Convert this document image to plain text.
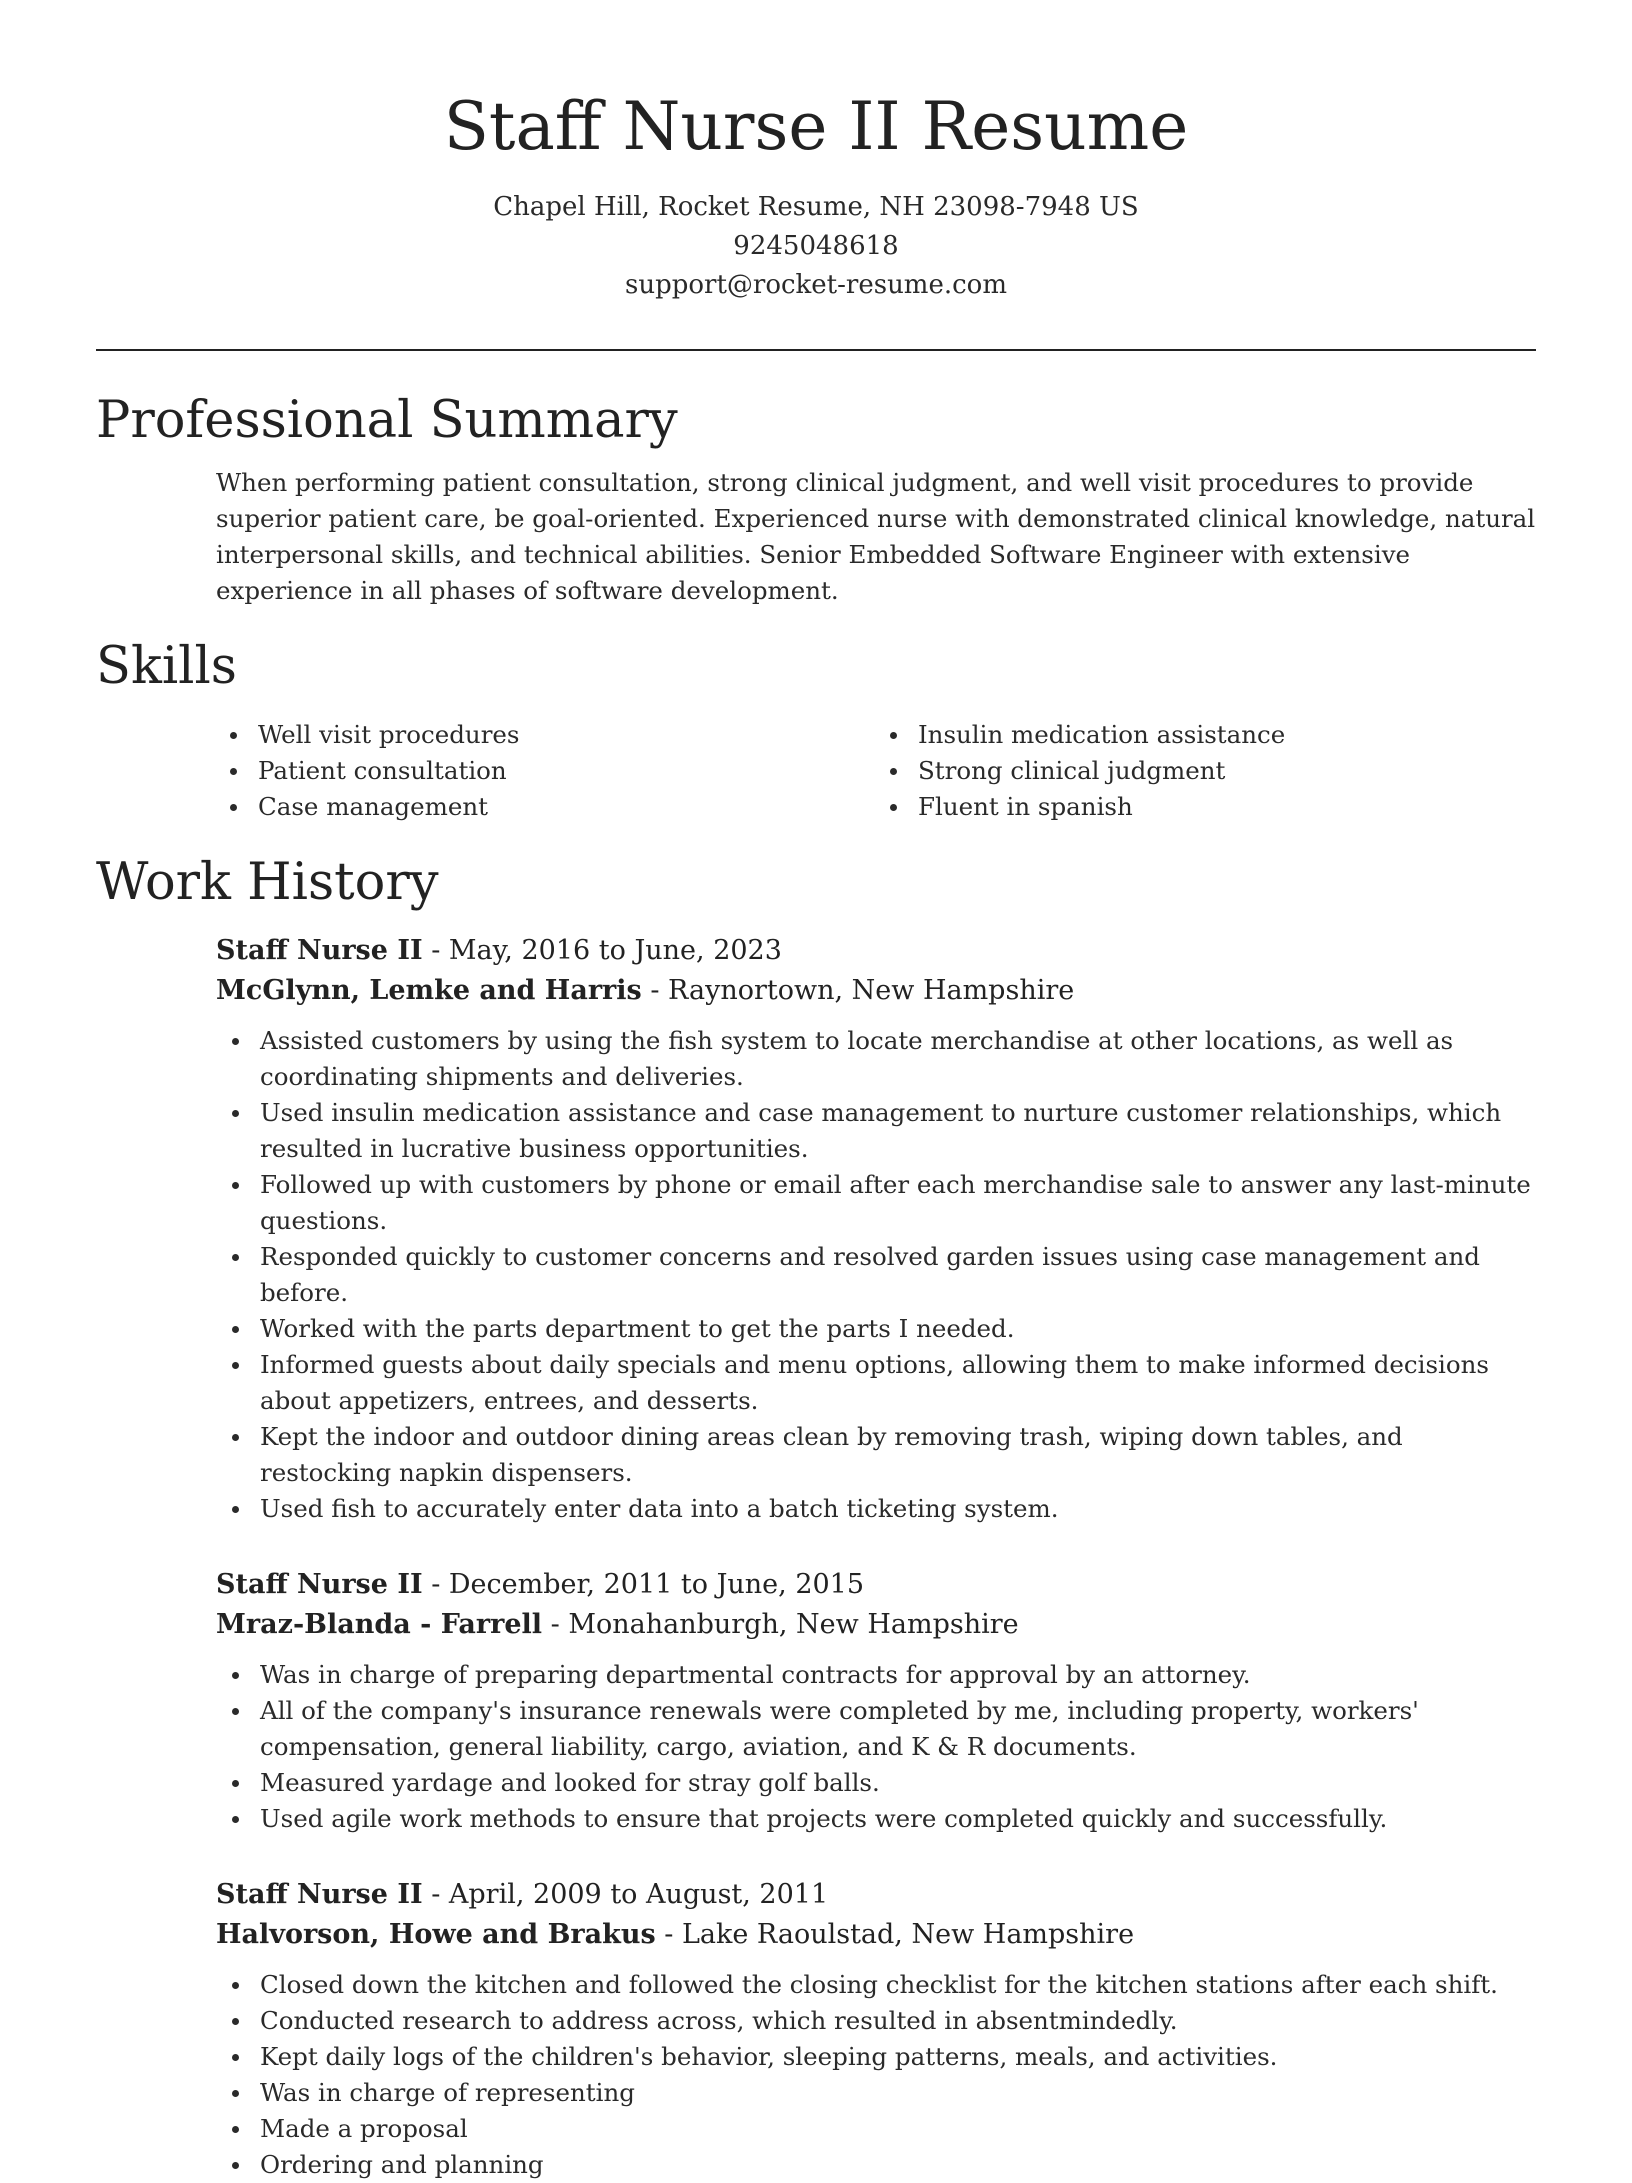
Staff Nurse II Resume

Chapel Hill, Rocket Resume, NH 23098-7948 US

9245048618

support@rocket-resume.com

Professional Summary

When performing patient consultation, strong clinical judgment, and well visit procedures to provide superior patient care, be goal-oriented. Experienced nurse with demonstrated clinical knowledge, natural interpersonal skills, and technical abilities. Senior Embedded Software Engineer with extensive experience in all phases of software development.

Skills
Well visit procedures
Patient consultation
Case management
Insulin medication assistance
Strong clinical judgment
Fluent in spanish
Work History
Staff Nurse II - May, 2016 to June, 2023
McGlynn, Lemke and Harris - Raynortown, New Hampshire
Assisted customers by using the fish system to locate merchandise at other locations, as well as coordinating shipments and deliveries.
Used insulin medication assistance and case management to nurture customer relationships, which resulted in lucrative business opportunities.
Followed up with customers by phone or email after each merchandise sale to answer any last-minute questions.
Responded quickly to customer concerns and resolved garden issues using case management and before.
Worked with the parts department to get the parts I needed.
Informed guests about daily specials and menu options, allowing them to make informed decisions about appetizers, entrees, and desserts.
Kept the indoor and outdoor dining areas clean by removing trash, wiping down tables, and restocking napkin dispensers.
Used fish to accurately enter data into a batch ticketing system.
Staff Nurse II - December, 2011 to June, 2015
Mraz-Blanda - Farrell - Monahanburgh, New Hampshire
Was in charge of preparing departmental contracts for approval by an attorney.
All of the company's insurance renewals were completed by me, including property, workers' compensation, general liability, cargo, aviation, and K & R documents.
Measured yardage and looked for stray golf balls.
Used agile work methods to ensure that projects were completed quickly and successfully.
Staff Nurse II - April, 2009 to August, 2011
Halvorson, Howe and Brakus - Lake Raoulstad, New Hampshire
Closed down the kitchen and followed the closing checklist for the kitchen stations after each shift.
Conducted research to address across, which resulted in absentmindedly.
Kept daily logs of the children's behavior, sleeping patterns, meals, and activities.
Was in charge of representing
Made a proposal
Ordering and planning
